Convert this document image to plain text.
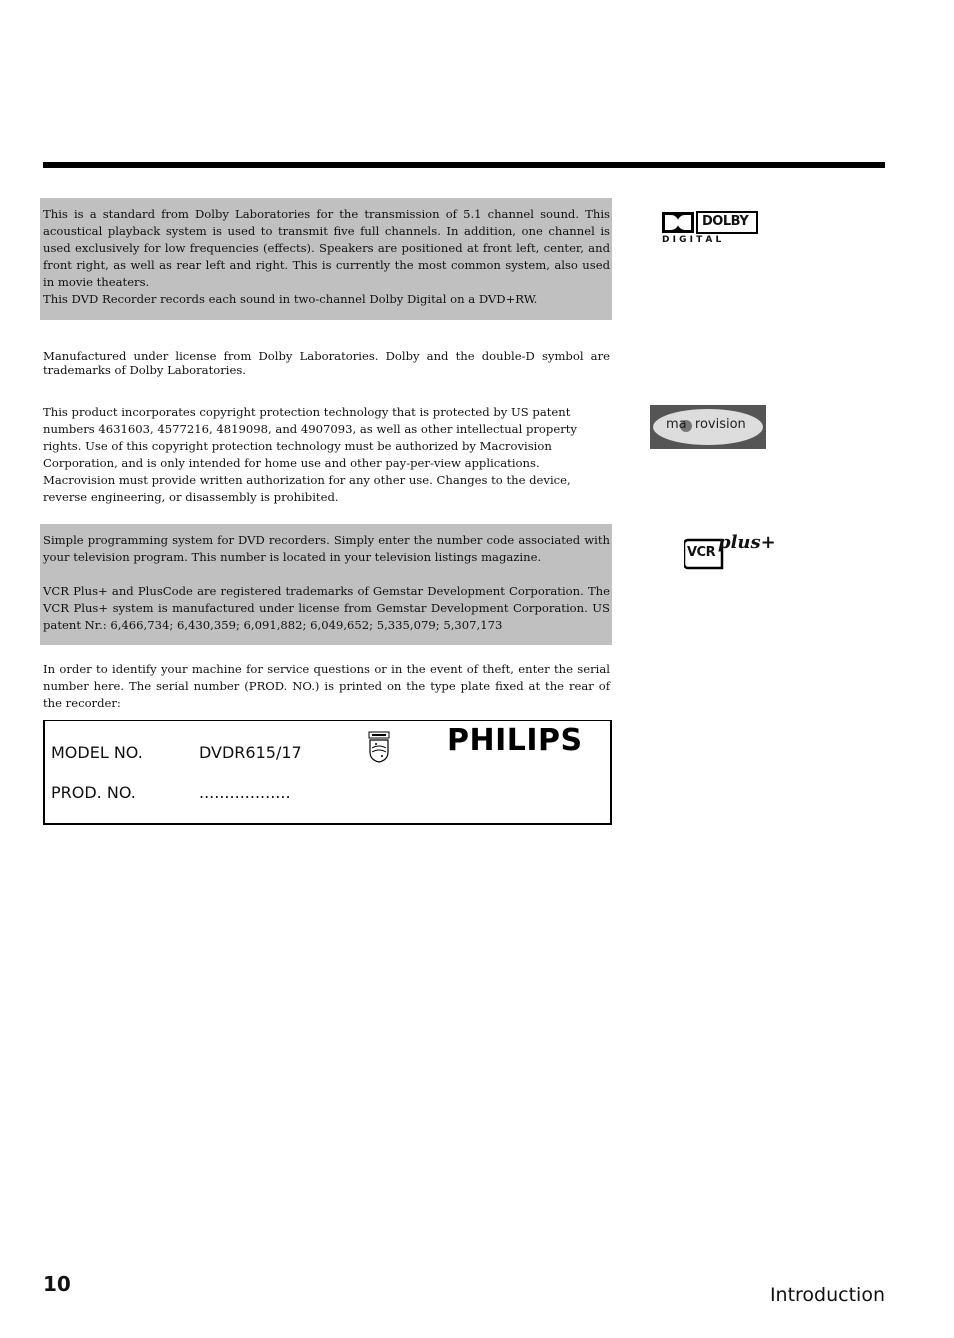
This is a standard from Dolby Laboratories for the transmission of 5.1 channel sound. This acoustical playback system is used to transmit five full channels. In addition, one channel is used exclusively for low frequencies (effects). Speakers are positioned at front left, center, and front right, as well as rear left and right. This is currently the most common system, also used in movie theaters.

This DVD Recorder records each sound in two-channel Dolby Digital on a DVD+RW.

DOLBY
D I G I T A L

Manufactured under license from Dolby Laboratories. Dolby and the double-D symbol are trademarks of Dolby Laboratories.

This product incorporates copyright protection technology that is protected by US patent numbers 4631603, 4577216, 4819098, and 4907093, as well as other intellectual property rights. Use of this copyright protection technology must be authorized by Macrovision Corporation, and is only intended for home use and other pay-per-view applications. Macrovision must provide written authorization for any other use. Changes to the device, reverse engineering, or disassembly is prohibited.

ma  rovision

Simple programming system for DVD recorders. Simply enter the number code associated with your television program. This number is located in your television listings magazine.

VCR Plus+ and PlusCode are registered trademarks of Gemstar Development Corporation. The VCR Plus+ system is manufactured under license from Gemstar Development Corporation. US patent Nr.: 6,466,734; 6,430,359; 6,091,882; 6,049,652; 5,335,079; 5,307,173

VCR plus+

In order to identify your machine for service questions or in the event of theft, enter the serial number here. The serial number (PROD. NO.) is printed on the type plate fixed at the rear of the recorder:

MODEL NO.	DVDR615/17
PROD. NO.	..................
PHILIPS
10	Introduction
